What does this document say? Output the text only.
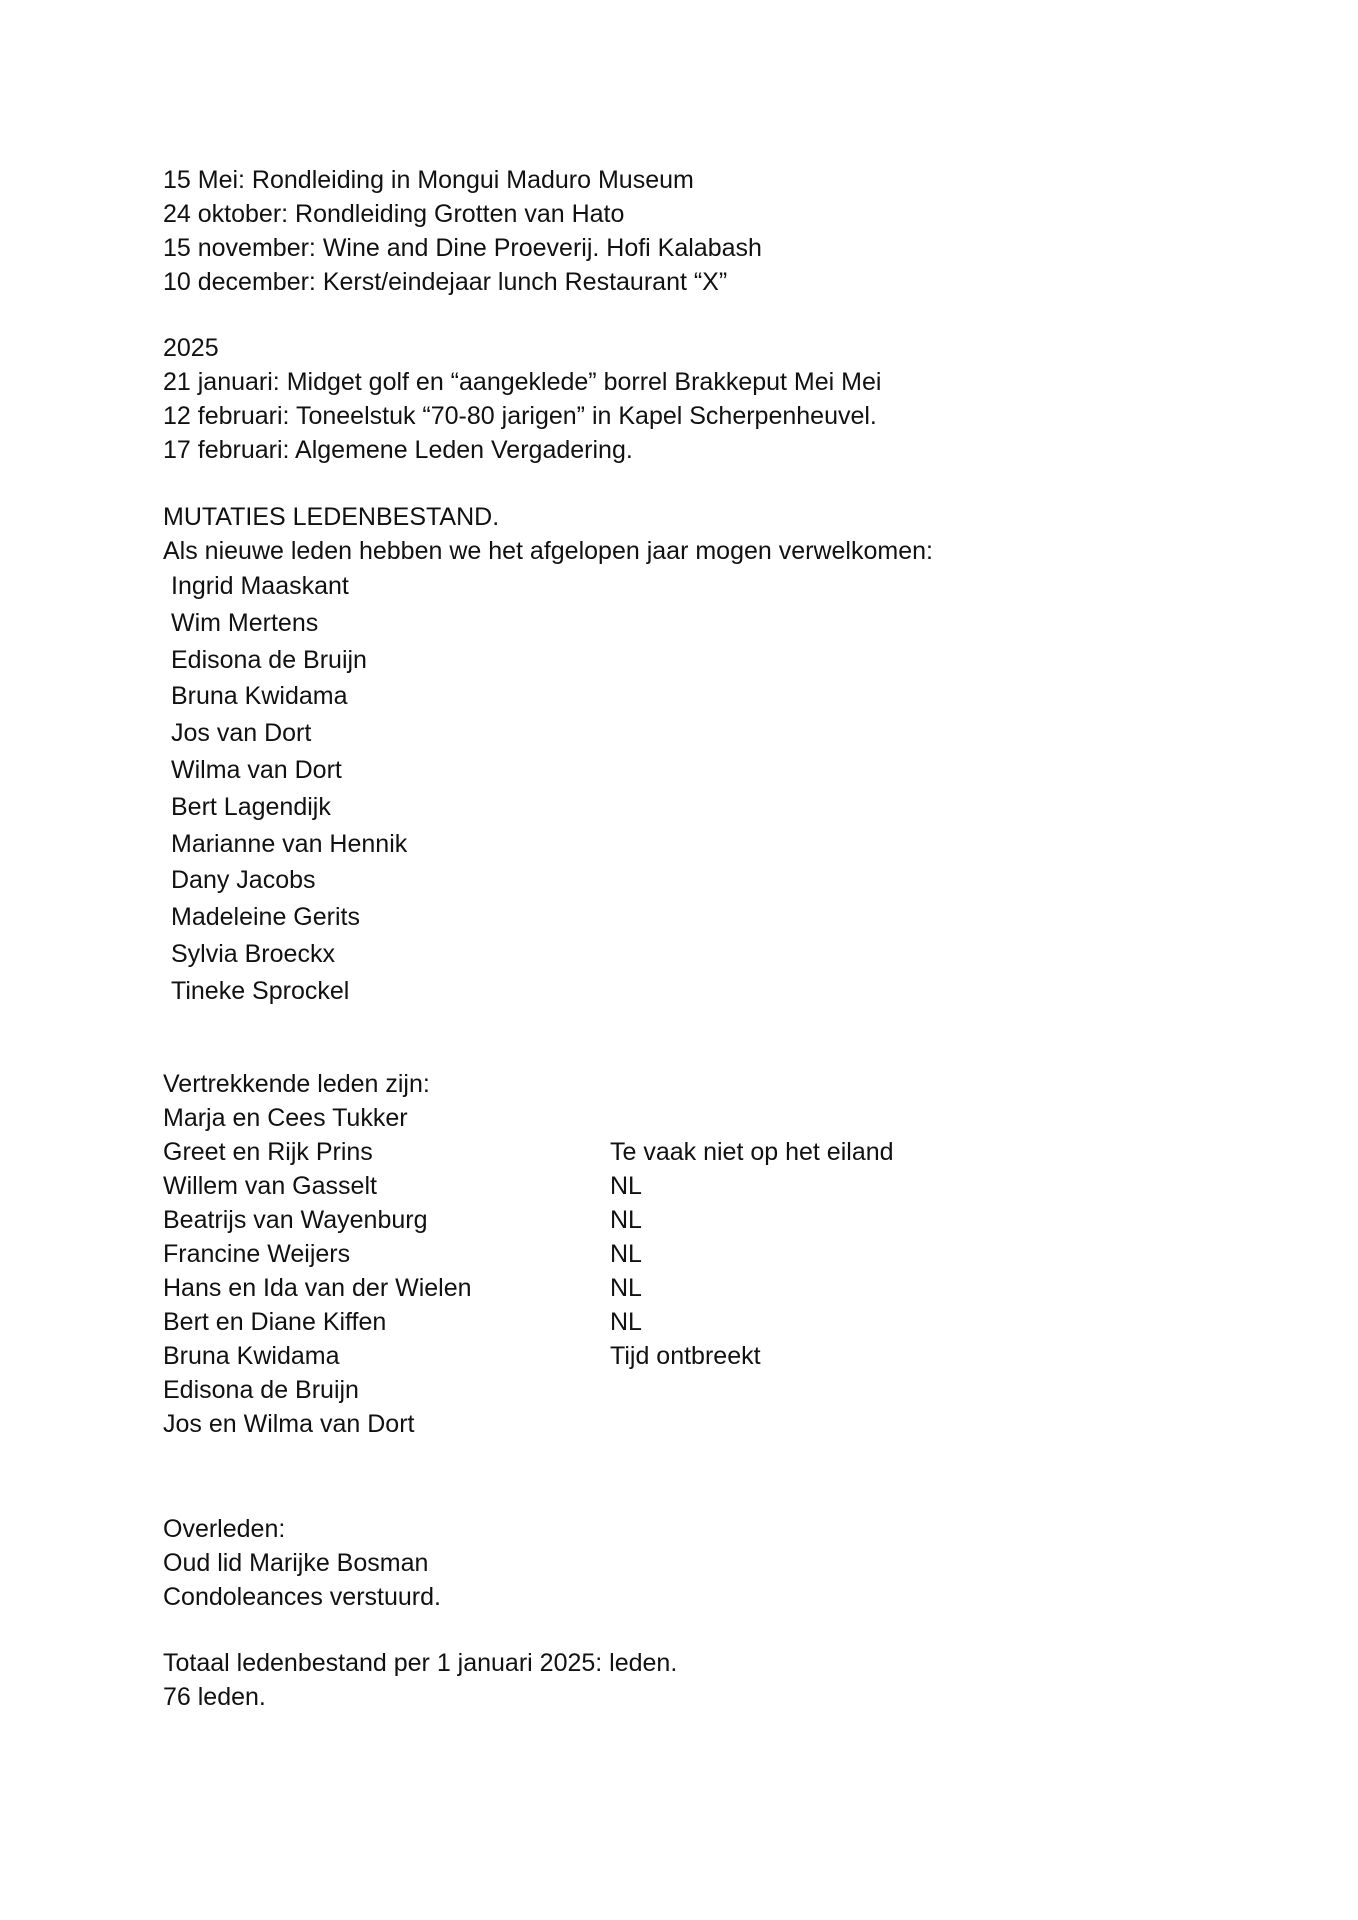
15 Mei: Rondleiding in Mongui Maduro Museum
24 oktober: Rondleiding Grotten van Hato
15 november: Wine and Dine Proeverij. Hofi Kalabash
10 december: Kerst/eindejaar lunch Restaurant “X”
2025
21 januari: Midget golf en “aangeklede” borrel Brakkeput Mei Mei
12 februari: Toneelstuk “70-80 jarigen” in Kapel Scherpenheuvel.
17 februari: Algemene Leden Vergadering.
MUTATIES LEDENBESTAND.
Als nieuwe leden hebben we het afgelopen jaar mogen verwelkomen:
Ingrid Maaskant
Wim Mertens
Edisona de Bruijn
Bruna Kwidama
Jos van Dort
Wilma van Dort
Bert Lagendijk
Marianne van Hennik
Dany Jacobs
Madeleine Gerits
Sylvia Broeckx
Tineke Sprockel
Vertrekkende leden zijn:
Marja en Cees Tukker
Greet en Rijk Prins	Te vaak niet op het eiland
Willem van Gasselt	NL
Beatrijs van Wayenburg	NL
Francine Weijers	NL
Hans en Ida van der Wielen	NL
Bert en Diane Kiffen	NL
Bruna Kwidama	Tijd ontbreekt
Edisona de Bruijn
Jos en Wilma van Dort
Overleden:
Oud lid Marijke Bosman
Condoleances verstuurd.
Totaal ledenbestand per 1 januari 2025: leden.
76 leden.
